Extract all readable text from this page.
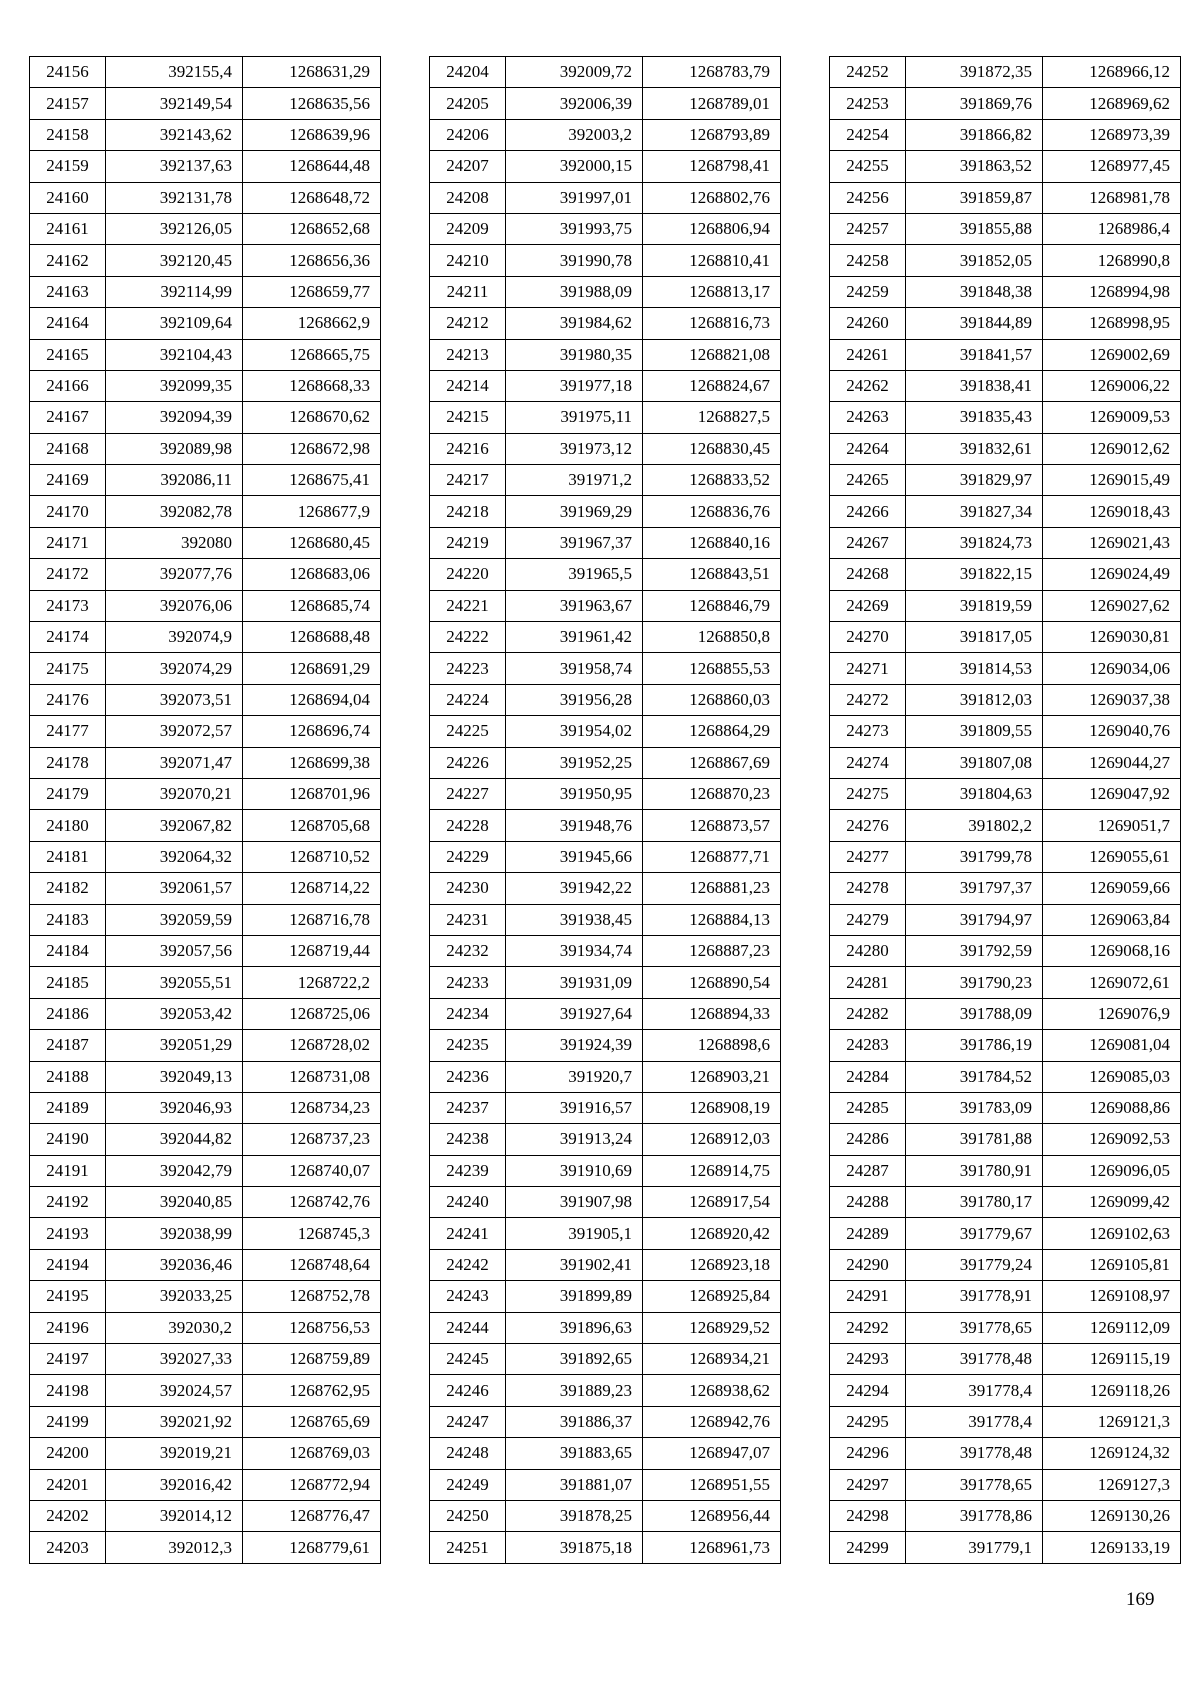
24156	392155,4	1268631,29
24157	392149,54	1268635,56
24158	392143,62	1268639,96
24159	392137,63	1268644,48
24160	392131,78	1268648,72
24161	392126,05	1268652,68
24162	392120,45	1268656,36
24163	392114,99	1268659,77
24164	392109,64	1268662,9
24165	392104,43	1268665,75
24166	392099,35	1268668,33
24167	392094,39	1268670,62
24168	392089,98	1268672,98
24169	392086,11	1268675,41
24170	392082,78	1268677,9
24171	392080	1268680,45
24172	392077,76	1268683,06
24173	392076,06	1268685,74
24174	392074,9	1268688,48
24175	392074,29	1268691,29
24176	392073,51	1268694,04
24177	392072,57	1268696,74
24178	392071,47	1268699,38
24179	392070,21	1268701,96
24180	392067,82	1268705,68
24181	392064,32	1268710,52
24182	392061,57	1268714,22
24183	392059,59	1268716,78
24184	392057,56	1268719,44
24185	392055,51	1268722,2
24186	392053,42	1268725,06
24187	392051,29	1268728,02
24188	392049,13	1268731,08
24189	392046,93	1268734,23
24190	392044,82	1268737,23
24191	392042,79	1268740,07
24192	392040,85	1268742,76
24193	392038,99	1268745,3
24194	392036,46	1268748,64
24195	392033,25	1268752,78
24196	392030,2	1268756,53
24197	392027,33	1268759,89
24198	392024,57	1268762,95
24199	392021,92	1268765,69
24200	392019,21	1268769,03
24201	392016,42	1268772,94
24202	392014,12	1268776,47
24203	392012,3	1268779,61
24204	392009,72	1268783,79
24205	392006,39	1268789,01
24206	392003,2	1268793,89
24207	392000,15	1268798,41
24208	391997,01	1268802,76
24209	391993,75	1268806,94
24210	391990,78	1268810,41
24211	391988,09	1268813,17
24212	391984,62	1268816,73
24213	391980,35	1268821,08
24214	391977,18	1268824,67
24215	391975,11	1268827,5
24216	391973,12	1268830,45
24217	391971,2	1268833,52
24218	391969,29	1268836,76
24219	391967,37	1268840,16
24220	391965,5	1268843,51
24221	391963,67	1268846,79
24222	391961,42	1268850,8
24223	391958,74	1268855,53
24224	391956,28	1268860,03
24225	391954,02	1268864,29
24226	391952,25	1268867,69
24227	391950,95	1268870,23
24228	391948,76	1268873,57
24229	391945,66	1268877,71
24230	391942,22	1268881,23
24231	391938,45	1268884,13
24232	391934,74	1268887,23
24233	391931,09	1268890,54
24234	391927,64	1268894,33
24235	391924,39	1268898,6
24236	391920,7	1268903,21
24237	391916,57	1268908,19
24238	391913,24	1268912,03
24239	391910,69	1268914,75
24240	391907,98	1268917,54
24241	391905,1	1268920,42
24242	391902,41	1268923,18
24243	391899,89	1268925,84
24244	391896,63	1268929,52
24245	391892,65	1268934,21
24246	391889,23	1268938,62
24247	391886,37	1268942,76
24248	391883,65	1268947,07
24249	391881,07	1268951,55
24250	391878,25	1268956,44
24251	391875,18	1268961,73
24252	391872,35	1268966,12
24253	391869,76	1268969,62
24254	391866,82	1268973,39
24255	391863,52	1268977,45
24256	391859,87	1268981,78
24257	391855,88	1268986,4
24258	391852,05	1268990,8
24259	391848,38	1268994,98
24260	391844,89	1268998,95
24261	391841,57	1269002,69
24262	391838,41	1269006,22
24263	391835,43	1269009,53
24264	391832,61	1269012,62
24265	391829,97	1269015,49
24266	391827,34	1269018,43
24267	391824,73	1269021,43
24268	391822,15	1269024,49
24269	391819,59	1269027,62
24270	391817,05	1269030,81
24271	391814,53	1269034,06
24272	391812,03	1269037,38
24273	391809,55	1269040,76
24274	391807,08	1269044,27
24275	391804,63	1269047,92
24276	391802,2	1269051,7
24277	391799,78	1269055,61
24278	391797,37	1269059,66
24279	391794,97	1269063,84
24280	391792,59	1269068,16
24281	391790,23	1269072,61
24282	391788,09	1269076,9
24283	391786,19	1269081,04
24284	391784,52	1269085,03
24285	391783,09	1269088,86
24286	391781,88	1269092,53
24287	391780,91	1269096,05
24288	391780,17	1269099,42
24289	391779,67	1269102,63
24290	391779,24	1269105,81
24291	391778,91	1269108,97
24292	391778,65	1269112,09
24293	391778,48	1269115,19
24294	391778,4	1269118,26
24295	391778,4	1269121,3
24296	391778,48	1269124,32
24297	391778,65	1269127,3
24298	391778,86	1269130,26
24299	391779,1	1269133,19
169
